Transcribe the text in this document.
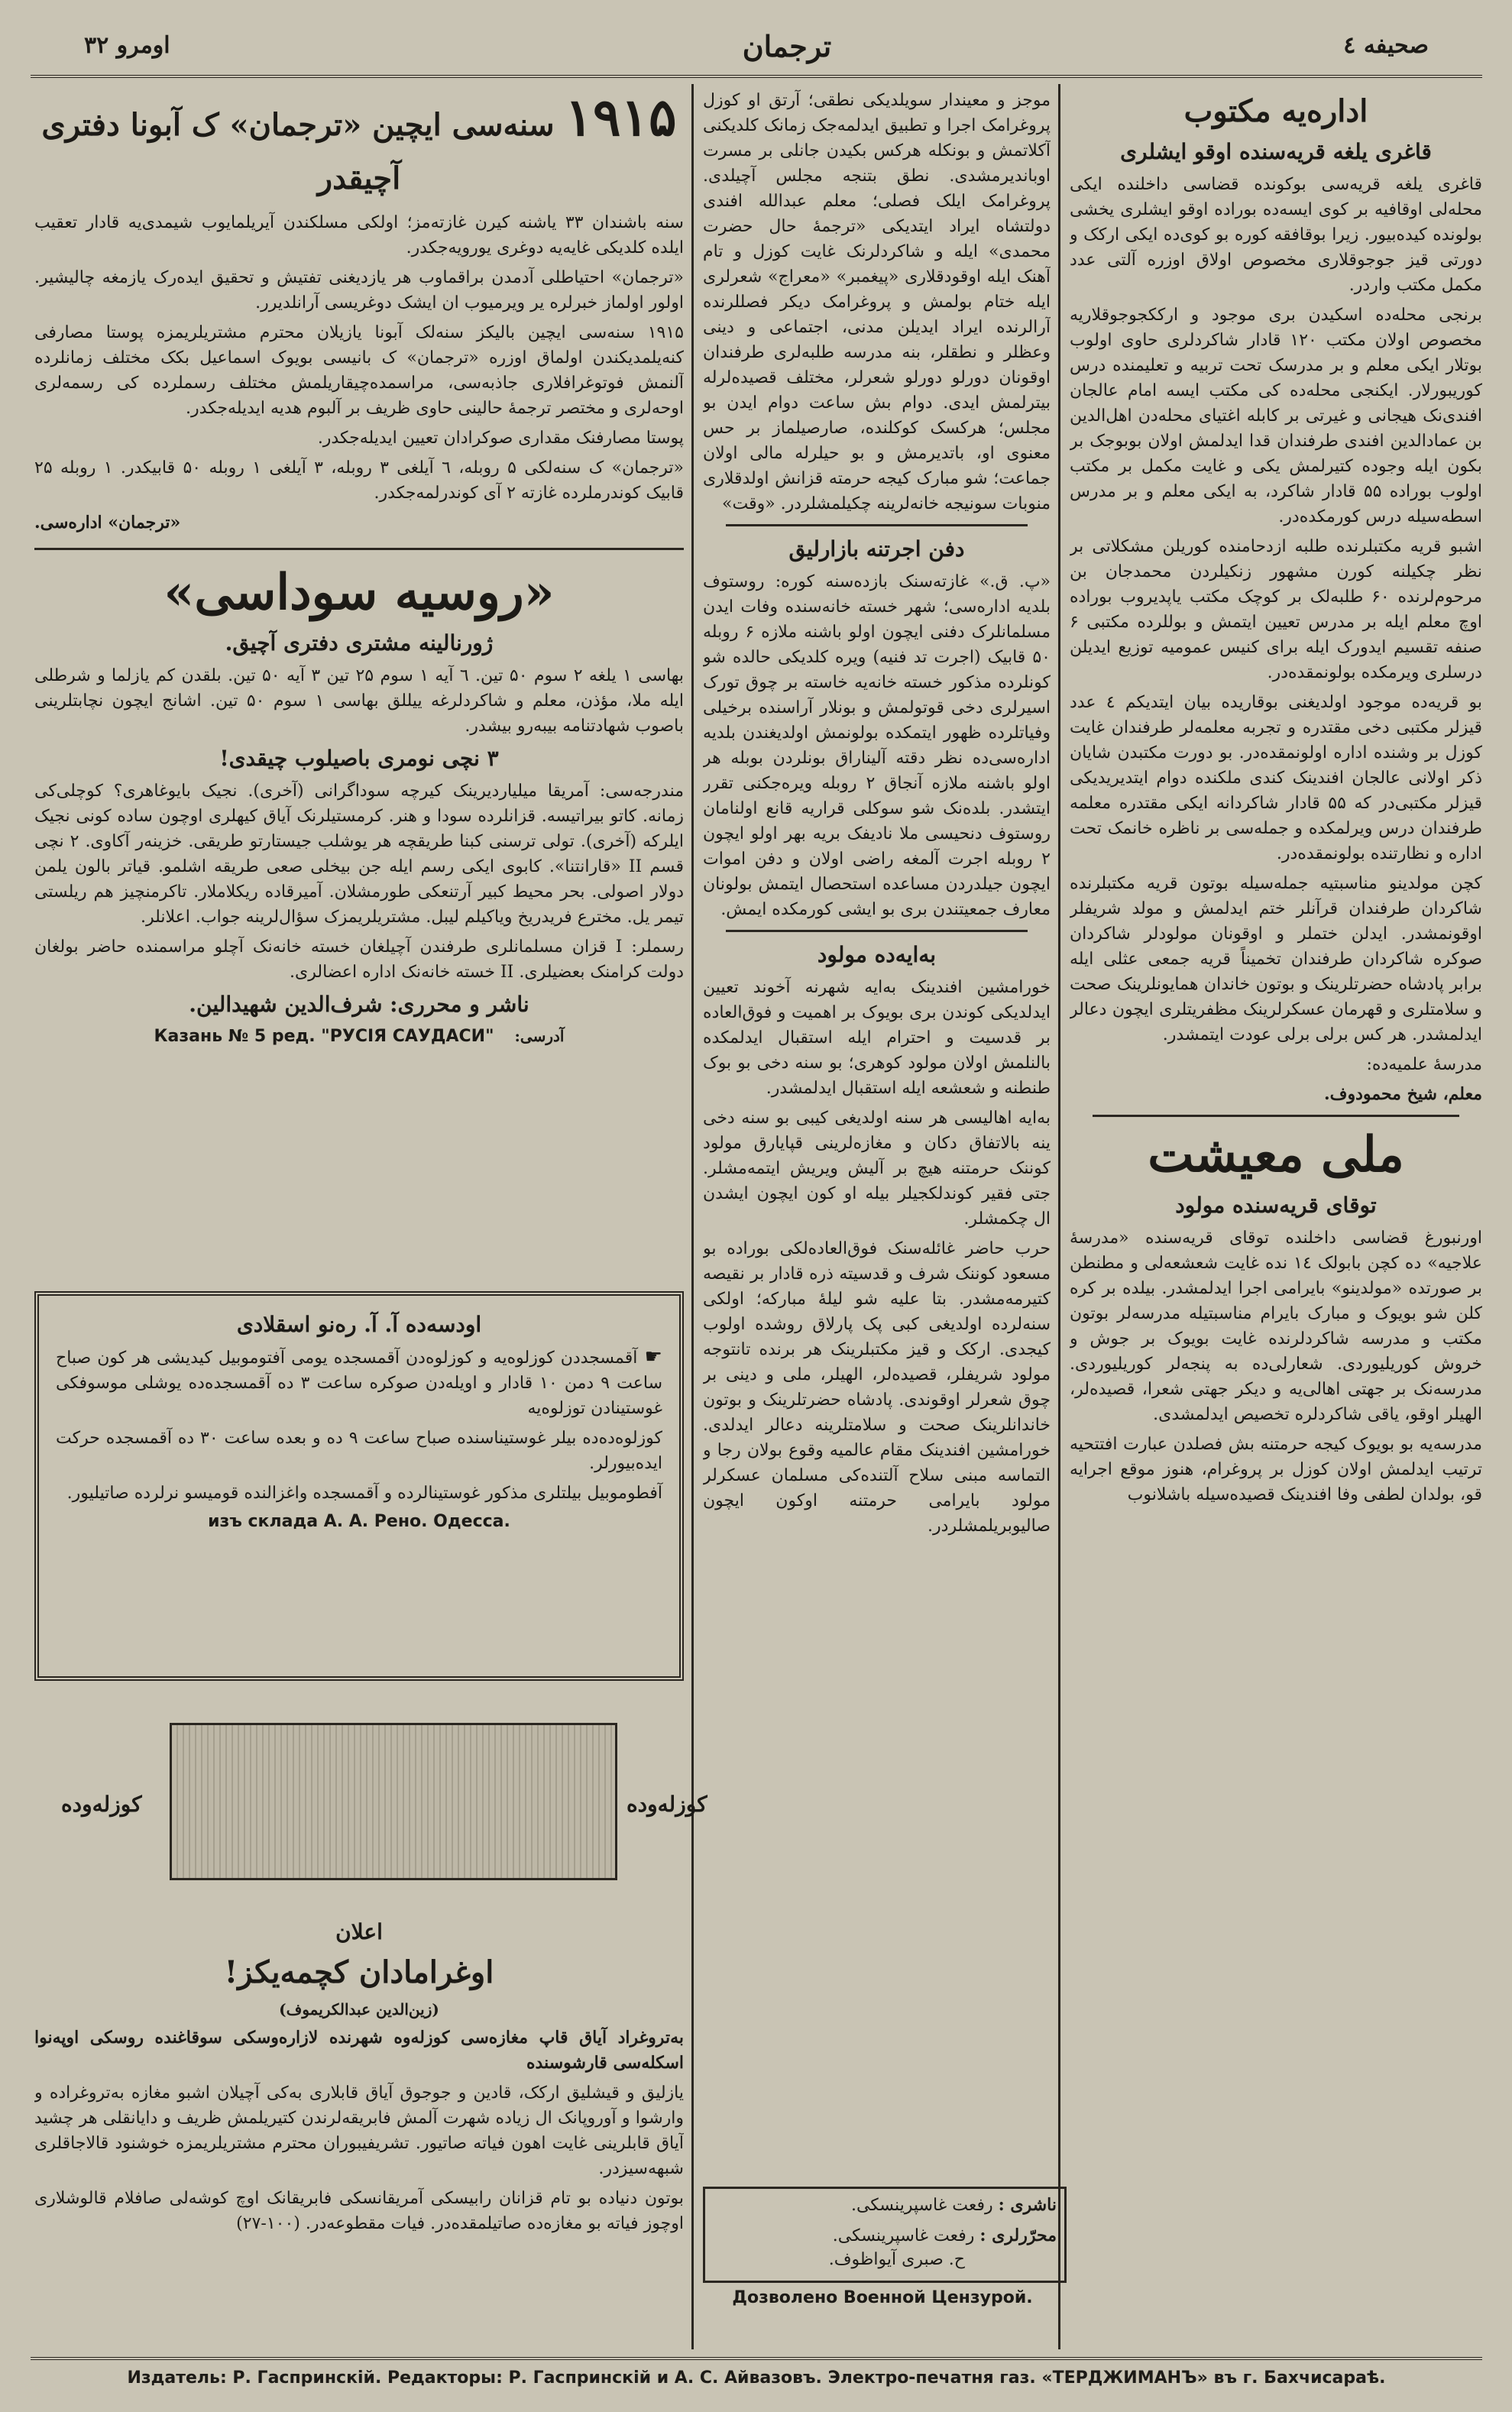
اومرو ۳۲	ترجمان	صحیفه ٤
اداره‌یه مکتوب
قاغری یلغه قریه‌سنده اوقو ایشلری

قاغری یلغه قریه‌سی بوکونده قضاسی داخلنده ایکی محله‌لی اوقافیه بر کوی ایسه‌ده بوراده اوقو ایشلری یخشی بولونده کیده‌بیور. زیرا بوقافقه کوره بو کوی‌ده ایکی ارکک و دورتی قیز جوجوقلاری مخصوص اولاق اوزره آلتی عدد مکمل مکتب واردر.

برنجی محله‌ده اسکیدن بری موجود و ارککجوجوقلاریه مخصوص اولان مکتب ۱۲۰ قادار شاکردلری حاوی اولوب بوتلار ایکی معلم و بر مدرسک تحت تربیه و تعلیمنده درس کوریبورلار. ایکنجی محله‌ده کی مکتب ایسه امام عالجان افندی‌نک هیجانی و غیرتی بر کابله اغتیای محله‌دن اهل‌الدین بن عمادالدین افندی طرفندان قدا ایدلمش اولان بوبوجک بر بکون ایله وجوده کتیرلمش یکی و غایت مکمل بر مکتب اولوب بوراده ۵۵ قادار شاکرد، به ایکی معلم و بر مدرس اسطه‌سیله درس کورمکده‌در.

اشبو قریه مکتبلرنده طلبه ازدحامنده کوریلن مشکلاتی بر نظر چکیلنه کورن مشهور زنکیلردن محمدجان بن مرحوم‌لرنده ۶۰ طلبه‌لک بر کوچک مکتب یاپدیروب بوراده اوچ معلم ایله بر مدرس تعیین ایتمش و بوللرده مکتبی ۶ صنفه تقسیم ایدورک ایله برای کنیس عمومیه توزیع ایدیلن درسلری ویرمکده بولونمقده‌در.

بو قریه‌ده موجود اولدیغنی بوقاریده بیان ایتدیکم ٤ عدد قیزلر مکتبی دخی مقتدره و تجربه معلمه‌لر طرفندان غایت کوزل بر وشنده اداره اولونمقده‌در. بو دورت مکتبدن شایان ذکر اولانی عالجان افندینک کندی ملکنده دوام ایتدیریدیکی قیزلر مکتبی‌در که ۵۵ قادار شاکردانه ایکی مقتدره معلمه طرفندان درس ویرلمکده و جمله‌سی بر ناظره خانمک تحت اداره و نظارتنده بولونمقده‌در.

کچن مولدینو مناسبتیه جمله‌سیله بوتون قریه مکتبلرنده شاکردان طرفندان قرآنلر ختم ایدلمش و مولد شریفلر اوقونمشدر. ایدلن ختملر و اوقونان مولودلر شاکردان صوکره شاکردان طرفندان تخمیناً قریه جمعی عثلی ایله برابر پادشاه حضرتلرینک و بوتون خاندان همایونلرینک صحت و سلامتلری و قهرمان عسکرلرینک مظفریتلری ایچون دعالر ایدلمشدر. هر کس برلی برلی عودت ایتمشدر.

مدرسهٔ علمیه‌ده:

معلم، شیخ محمودوف.

ملی معیشت
توقای قریه‌سنده مولود

اورنبورغ قضاسی داخلنده توقای قریه‌سنده «مدرسهٔ علاجیه» ده کچن بابولک ۱٤ نده غایت شعشعه‌لی و مطنطن بر صورتده «مولدینو» بایرامی اجرا ایدلمشدر. بیلده بر کره کلن شو بویوک و مبارک بایرام مناسبتیله مدرسه‌لر بوتون مکتب و مدرسه شاکردلرنده غایت بویوک بر جوش و خروش کوریلیوردی. شعارلی‌ده به پنجه‌لر کوریلیوردی. مدرسه‌نک بر جهتی اهالی‌یه و دیکر جهتی شعرا، قصیده‌لر، الهیلر اوقو، یاقی شاکردلره تخصیص ایدلمشدی.

مدرسه‌یه بو بویوک کیجه حرمتنه بش فصلدن عبارت افتتحیه ترتیب ایدلمش اولان کوزل بر پروغرام، هنوز موقع اجرایه قو، بولدان لطفی وفا افندینک قصیده‌سیله باشلانوب

موجز و معیندار سویلدیکی نطقی؛ آرتق او کوزل پروغرامک اجرا و تطبیق ایدلمه‌جک زمانک کلدیکنی آکلاتمش و بونکله هرکس بکیدن جانلی بر مسرت اوباندیرمشدی. نطق بتنجه مجلس آچیلدی. پروغرامک ایلک فصلی؛ معلم عبدالله افندی دولتشاه ایراد ایتدیکی «ترجمهٔ حال حضرت محمدی» ایله و شاکردلرنک غایت کوزل و تام آهنک ایله اوقودقلاری «پیغمبر» «معراج» شعرلری ایله ختام بولمش و پروغرامک دیکر فصللرنده آرالرنده ایراد ایدیلن مدنی، اجتماعی و دینی وعظلر و نطقلر، بنه مدرسه طلبه‌لری طرفندان اوقونان دورلو دورلو شعرلر، مختلف قصیده‌لرله بیترلمش ایدی. دوام بش ساعت دوام ایدن بو مجلس؛ هرکسک کوکلنده، صارصیلماز بر حس معنوی او، باتدیرمش و بو حیلرله مالی اولان جماعت؛ شو مبارک کیجه حرمته قزانش اولدقلاری منوبات سونیجه خانه‌لرینه چکیلمشلردر. «وقت»

دفن اجرتنه بازارلیق

«پ. ق.» غازته‌سنک بازده‌سنه کوره: روستوف بلدیه اداره‌سی؛ شهر خسته خانه‌سنده وفات ایدن مسلمانلرک دفنی ایچون اولو باشنه ملازه ۶ روبله ۵۰ قابیک (اجرت تد فنیه) ویره کلدیکی حالده شو کونلرده مذکور خسته خانه‌یه خاسته بر چوق تورک اسیرلری دخی قوتولمش و بونلار آراسنده برخیلی وفیاتلرده ظهور ایتمکده بولونمش اولدیغندن بلدیه اداره‌سی‌ده نظر دقته آلیناراق بونلردن بوبله هر اولو باشنه ملازه آنجاق ۲ روبله ویره‌جکنی تقرر ایتشدر. بلده‌نک شو سوکلی قراریه قانع اولنامان روستوف دنحیسی ملا نادیفک بریه بهر اولو ایچون ۲ روبله اجرت آلمغه راضی اولان و دفن اموات ایچون جیلدردن مساعده استحصال ایتمش بولونان معارف جمعیتندن بری بو ایشی کورمکده ایمش.

به‌ایه‌ده مولود

خورامشین افندینک به‌ایه شهرنه آخوند تعیین ایدلدیکی کوندن بری بویوک بر اهمیت و فوق‌العاده بر قدسیت و احترام ایله استقبال ایدلمکده بالنلمش اولان مولود کوهری؛ بو سنه دخی بو بوک طنطنه و شعشعه ایله استقبال ایدلمشدر.

به‌ایه اهالیسی هر سنه اولدیغی کیبی بو سنه دخی ینه بالاتفاق دکان و مغازه‌لرینی قپایارق مولود کوننک حرمتنه هیچ بر آلیش ویریش ایتمه‌مشلر. جتی فقیر کوندلکجیلر بیله او کون ایچون ایشدن ال چکمشلر.

حرب حاضر غائله‌سنک فوق‌العاده‌لکی بوراده بو مسعود کوننک شرف و قدسیته ذره قادار بر نقیصه کتیرمه‌مشدر. بتا علیه شو لیلهٔ مبارکه؛ اولکی سنه‌لرده اولدیغی کبی پک پارلاق روشده اولوب کیجدی. ارکک و قیز مکتبلرینک هر برنده تانتوجه مولود شریفلر، قصیده‌لر، الهیلر، ملی و دینی بر چوق شعرلر اوقوندی. پادشاه حضرتلرینک و بوتون خاندانلرینک صحت و سلامتلرینه دعالر ایدلدی. خورامشین افندینک مقام عالمیه وقوع بولان رجا و التماسه مبنی سلاح آلتنده‌کی مسلمان عسکرلر مولود بایرامی حرمتنه اوکون ایچون صالیوبریلمشلردر.

ناشری : رفعت غاسپرینسکی.
محرّرلری : رفعت غاسپرینسکی.
ح. صبری آیواظوف.
Дозволено Военной Цензурой.
۱۹۱۵ سنه‌سی ایچین «ترجمان» ک آبونا دفتری آچیقدر

سنه باشندان ۳۳ یاشنه کیرن غازته‌مز؛ اولکی مسلکندن آیریلمایوب شیمدی‌یه قادار تعقیب ایلده کلدیکی غایه‌یه دوغری یورویه‌جکدر.

«ترجمان» احتیاطلی آدمدن براقماوب هر یازدیغنی تفتیش و تحقیق ایده‌رک یازمغه چالیشیر. اولور اولماز خبرلره یر ویرمیوب ان ایشک دوغریسی آرانلدیرر.

۱۹۱۵ سنه‌سی ایچین بالیکز سنه‌لک آبونا یازیلان محترم مشتریلریمزه پوستا مصارفی کنه‌یلمدیکندن اولماق اوزره «ترجمان» ک بانیسی بویوک اسماعیل بکک مختلف زمانلرده آلنمش فوتوغرافلاری جاذبه‌سی، مراسمده‌چیقاریلمش مختلف رسملرده کی رسمه‌لری اوحه‌لری و مختصر ترجمهٔ حالینی حاوی ظریف بر آلبوم هدیه ایدیله‌جکدر.

پوستا مصارفنک مقداری صوکرادان تعیین ایدیله‌جکدر.

«ترجمان» ک سنه‌لکی ۵ روبله، ٦ آیلغی ۳ روبله، ۳ آیلغی ۱ روبله ۵۰ قابیکدر. ۱ روبله ۲۵ قابیک کوندرملرده غازته ۲ آی کوندرلمه‌جکدر.

«ترجمان» اداره‌سی.

«روسیه سوداسی»
ژورنالینه مشتری دفتری آچیق.

بهاسی ۱ یلغه ۲ سوم ۵۰ تین. ٦ آیه ۱ سوم ۲۵ تین ۳ آیه ۵۰ تین. بلقدن کم یازلما و شرطلی ایله ملا، مؤذن، معلم و شاکردلرغه ییللق بهاسی ۱ سوم ۵۰ تین. اشانج ایچون نچابتلرینی باصوب شهادتنامه بیبه‌رو بیشدر.

۳ نچی نومری باصیلوب چیقدی!

مندرجه‌سی: آمریقا میلیاردیرینک کیرچه سوداگرانی (آخری). نجیک بایوغاهری؟ کوچلی‌کی زمانه. کاتو بیراتیسه. قزانلرده سودا و هنر. کرمستیلرنک آیاق کیهلری اوچون ساده کونی نجیک ایلرکه (آخری). تولی ترسنی کبنا طریقچه هر یوشلب جیستارتو طریقی. خزینه‌ر آکاوی. ۲ نچی قسم II «قارانتنا». کابوی ایکی رسم ایله جن بیخلی صعی طریقه اشلمو. قیاتر بالون یلمن دولار اصولی. بحر محیط کبیر آرتنعکی طورمشلان. آمیرقاده ریکلاملار. تاکرمنچیز هم ریلستی تیمر یل. مخترع فرید‌ریخ ویاکیلم لیبل. مشتریلریمزک سؤال‌لرینه جواب. اعلانلر.

رسملر: I قزان مسلمانلری طرفندن آچیلغان خسته خانه‌نک آچلو مراسمنده حاضر بولغان دولت کرامنک بعضیلری. II خسته خانه‌نک اداره اعضالری.

ناشر و محرری: شرف‌الدین شهیدالین.
آدرسی: Казань № 5 ред. "РУСIЯ САУДАСИ"
اودسه‌ده آ. آ. ره‌نو اسقلادی

☛ آقمسجددن کوزلوه‌یه و کوزلوه‌دن آقمسجده یومی آفتوموبیل کیدیشی هر کون صباح ساعت ۹ دمن ۱۰ قادار و اویله‌دن صوکره ساعت ۳ ده آقمسجده‌ده یوشلی موسوفکی غوستینادن توزلوه‌یه

کوزلوه‌ده‌ده بیلر غوستیناسنده صباح ساعت ۹ ده و بعده ساعت ۳۰ ده آقمسجده حرکت ایده‌بیورلر.

آفطوموبیل بیلتلری مذکور غوستینالرده و آقمسجده واغزالنده قومیسو نرلرده صاتیلیور.

изъ склада А. А. Рено. Одесса.
کوزله‌وده	کوزله‌وده
اعلان
اوغرامادان کچمه‌یکز!
(زین‌الدین عبدالکریموف)

به‌تروغراد آیاق قاپ مغازه‌سی کوزله‌وه شهرنده لازاره‌وسکی سوقاغنده روسکی اوپه‌نوا اسکله‌سی قارشوسنده

یازلیق و قیشلیق ارکک، قادین و جوجوق آیاق قابلاری به‌کی آچیلان اشبو مغازه به‌تروغراده و وارشوا و آوروپانک ال زیاده شهرت آلمش فابریقه‌لرندن کتیریلمش ظریف و دایانقلی هر چشید آیاق قابلرینی غایت اهون فیاته صاتیور. تشریفیبوران محترم مشتریلریمزه خوشنود قالاجاقلری شبهه‌سیزدر.

بوتون دنیاده بو تام قزانان رابیسکی آمریقانسکی فابریقانک اوچ کوشه‌لی صافلام قالوشلاری اوچوز فیاته بو مغازه‌ده صاتیلمقده‌در. فیات مقطوعه‌در. (۱۰۰-۲۷)

Издатель: Р. Гаспринскій. Редакторы: Р. Гаспринскій и А. С. Айвазовъ. Электро-печатня газ. «ТЕРДЖИМАНЪ» въ г. Бахчисараѣ.
